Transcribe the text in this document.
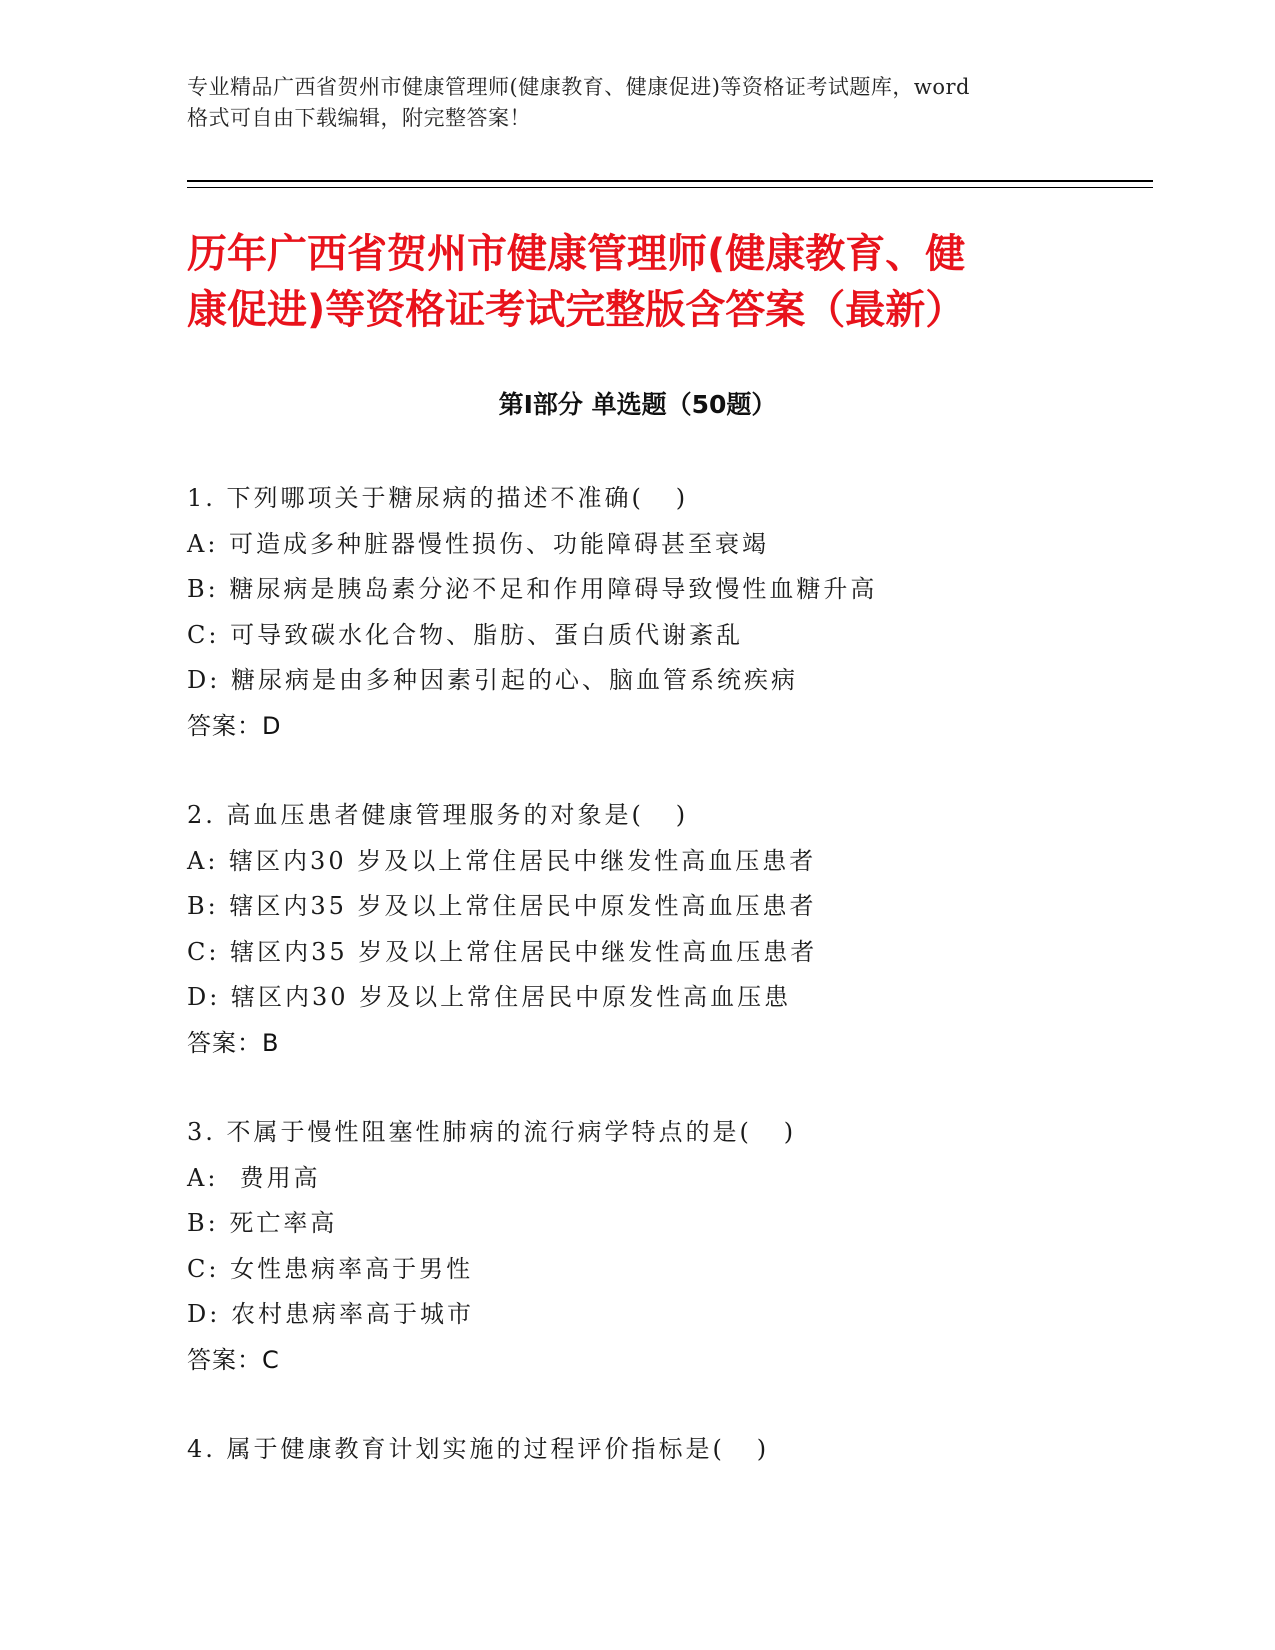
专业精品广西省贺州市健康管理师(健康教育、健康促进)等资格证考试题库，word
格式可自由下载编辑，附完整答案！
历年广西省贺州市健康管理师(健康教育、健
康促进)等资格证考试完整版含答案（最新）
第Ⅰ部分 单选题（50题）
1. 下列哪项关于糖尿病的描述不准确(   )
A: 可造成多种脏器慢性损伤、功能障碍甚至衰竭
B: 糖尿病是胰岛素分泌不足和作用障碍导致慢性血糖升高
C: 可导致碳水化合物、脂肪、蛋白质代谢紊乱
D: 糖尿病是由多种因素引起的心、脑血管系统疾病
答案：D
2. 高血压患者健康管理服务的对象是(   )
A: 辖区内30 岁及以上常住居民中继发性高血压患者
B: 辖区内35 岁及以上常住居民中原发性高血压患者
C: 辖区内35 岁及以上常住居民中继发性高血压患者
D: 辖区内30 岁及以上常住居民中原发性高血压患
答案：B
3. 不属于慢性阻塞性肺病的流行病学特点的是(   )
A:  费用高
B: 死亡率高
C: 女性患病率高于男性
D: 农村患病率高于城市
答案：C
4. 属于健康教育计划实施的过程评价指标是(   )
